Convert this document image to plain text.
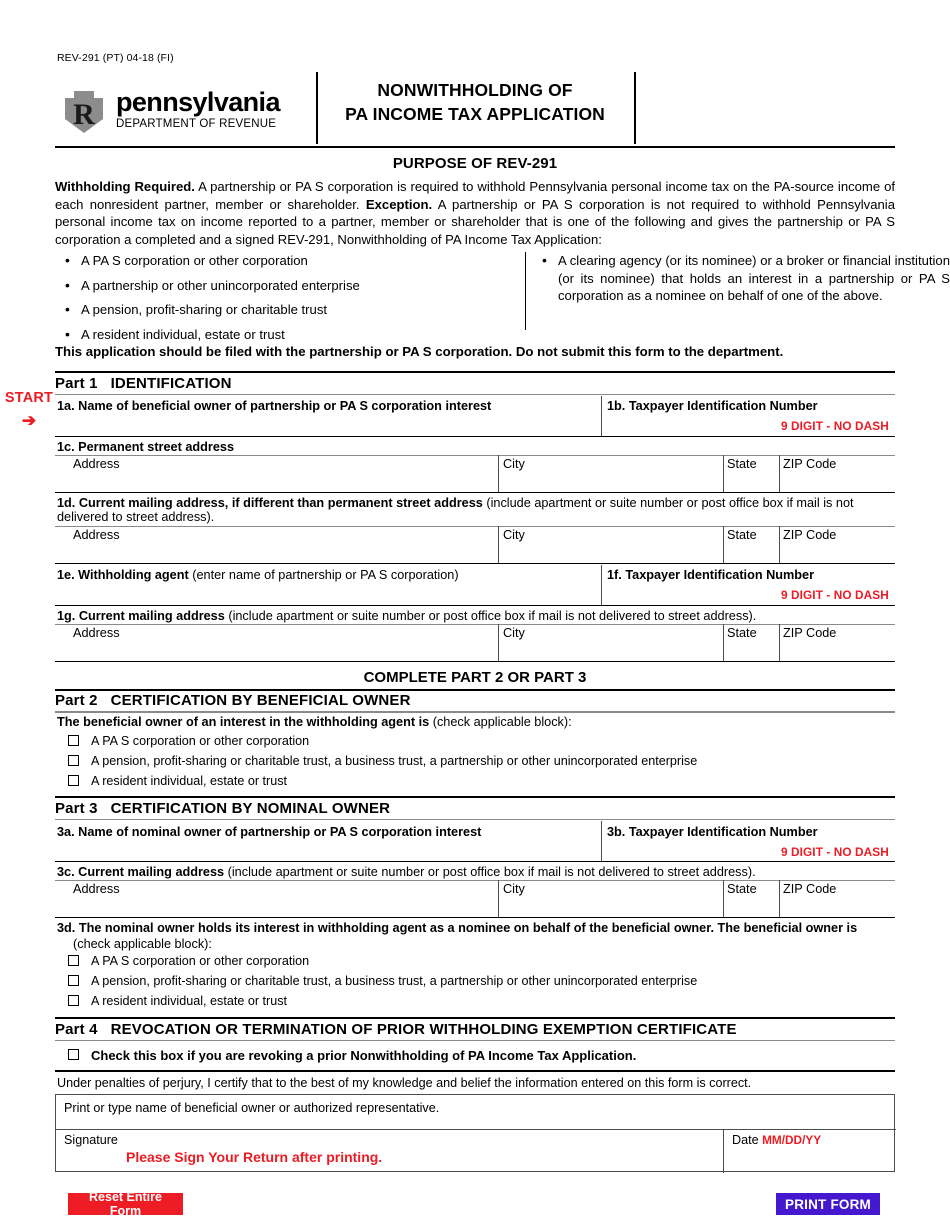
REV-291 (PT) 04-18 (FI)
R pennsylvania
DEPARTMENT OF REVENUE
NONWITHHOLDING OF
PA INCOME TAX APPLICATION
PURPOSE OF REV-291
Withholding Required. A partnership or PA S corporation is required to withhold Pennsylvania personal income tax on the PA-source income of each nonresident partner, member or shareholder. Exception. A partnership or PA S corporation is not required to withhold Pennsylvania personal income tax on income reported to a partner, member or shareholder that is one of the following and gives the partnership or PA S corporation a completed and a signed REV-291, Nonwithholding of PA Income Tax Application:
• A PA S corporation or other corporation
• A partnership or other unincorporated enterprise
• A pension, profit-sharing or charitable trust
• A resident individual, estate or trust
• A clearing agency (or its nominee) or a broker or financial institution (or its nominee) that holds an interest in a partnership or PA S corporation as a nominee on behalf of one of the above.
This application should be filed with the partnership or PA S corporation. Do not submit this form to the department.
START
➔
Part 1 IDENTIFICATION
1a. Name of beneficial owner of partnership or PA S corporation interest	1b. Taxpayer Identification Number
9 DIGIT - NO DASH
1c. Permanent street address
Address	City	State ZIP Code
1d. Current mailing address, if different than permanent street address (include apartment or suite number or post office box if mail is not delivered to street address).
Address	City	State ZIP Code
1e. Withholding agent (enter name of partnership or PA S corporation)	1f. Taxpayer Identification Number
9 DIGIT - NO DASH
1g. Current mailing address (include apartment or suite number or post office box if mail is not delivered to street address).
Address	City	State ZIP Code
COMPLETE PART 2 OR PART 3
Part 2 CERTIFICATION BY BENEFICIAL OWNER
The beneficial owner of an interest in the withholding agent is (check applicable block):
A PA S corporation or other corporation
A pension, profit-sharing or charitable trust, a business trust, a partnership or other unincorporated enterprise
A resident individual, estate or trust
Part 3 CERTIFICATION BY NOMINAL OWNER
3a. Name of nominal owner of partnership or PA S corporation interest	3b. Taxpayer Identification Number
9 DIGIT - NO DASH
3c. Current mailing address (include apartment or suite number or post office box if mail is not delivered to street address).
Address	City	State ZIP Code
3d. The nominal owner holds its interest in withholding agent as a nominee on behalf of the beneficial owner. The beneficial owner is
(check applicable block):
A PA S corporation or other corporation
A pension, profit-sharing or charitable trust, a business trust, a partnership or other unincorporated enterprise
A resident individual, estate or trust
Part 4 REVOCATION OR TERMINATION OF PRIOR WITHHOLDING EXEMPTION CERTIFICATE
Check this box if you are revoking a prior Nonwithholding of PA Income Tax Application.
Under penalties of perjury, I certify that to the best of my knowledge and belief the information entered on this form is correct.
Print or type name of beneficial owner or authorized representative.
Signature
Please Sign Your Return after printing.
Date MM/DD/YY
Reset Entire Form	PRINT FORM
